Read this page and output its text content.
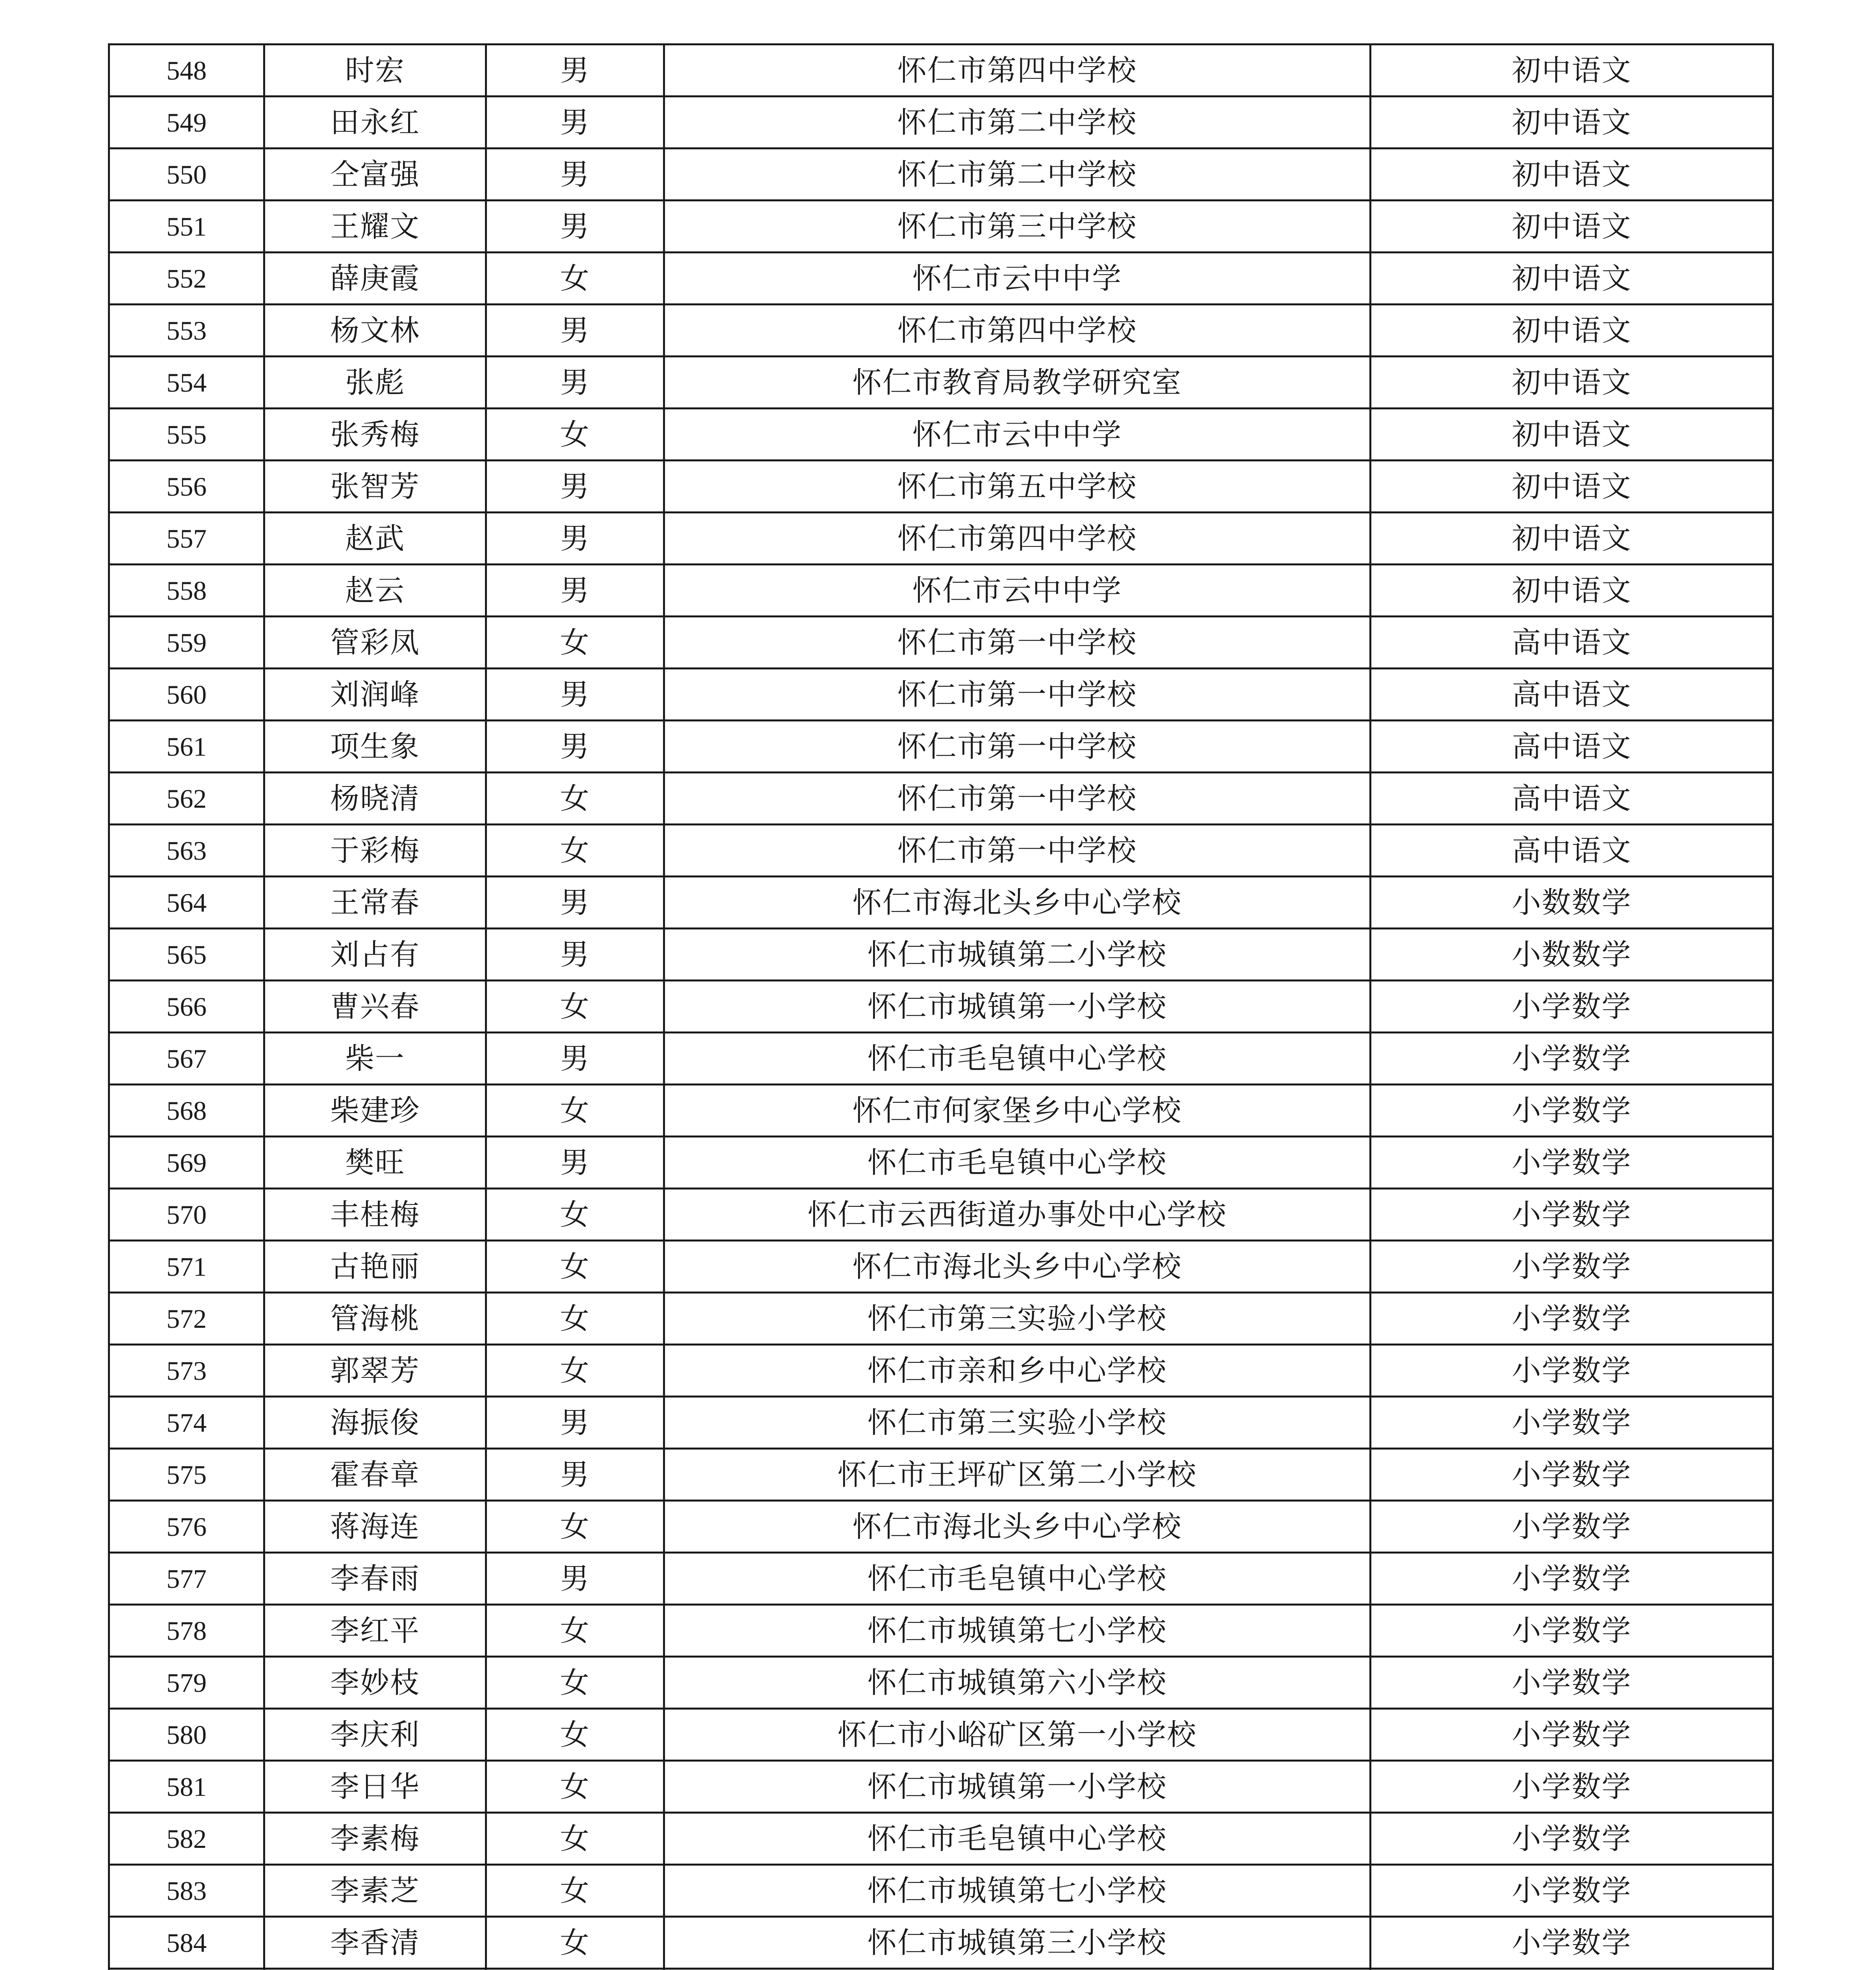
548	时宏	男	怀仁市第四中学校	初中语文
549	田永红	男	怀仁市第二中学校	初中语文
550	仝富强	男	怀仁市第二中学校	初中语文
551	王耀文	男	怀仁市第三中学校	初中语文
552	薛庚霞	女	怀仁市云中中学	初中语文
553	杨文林	男	怀仁市第四中学校	初中语文
554	张彪	男	怀仁市教育局教学研究室	初中语文
555	张秀梅	女	怀仁市云中中学	初中语文
556	张智芳	男	怀仁市第五中学校	初中语文
557	赵武	男	怀仁市第四中学校	初中语文
558	赵云	男	怀仁市云中中学	初中语文
559	管彩凤	女	怀仁市第一中学校	高中语文
560	刘润峰	男	怀仁市第一中学校	高中语文
561	项生象	男	怀仁市第一中学校	高中语文
562	杨晓清	女	怀仁市第一中学校	高中语文
563	于彩梅	女	怀仁市第一中学校	高中语文
564	王常春	男	怀仁市海北头乡中心学校	小数数学
565	刘占有	男	怀仁市城镇第二小学校	小数数学
566	曹兴春	女	怀仁市城镇第一小学校	小学数学
567	柴一	男	怀仁市毛皂镇中心学校	小学数学
568	柴建珍	女	怀仁市何家堡乡中心学校	小学数学
569	樊旺	男	怀仁市毛皂镇中心学校	小学数学
570	丰桂梅	女	怀仁市云西街道办事处中心学校	小学数学
571	古艳丽	女	怀仁市海北头乡中心学校	小学数学
572	管海桃	女	怀仁市第三实验小学校	小学数学
573	郭翠芳	女	怀仁市亲和乡中心学校	小学数学
574	海振俊	男	怀仁市第三实验小学校	小学数学
575	霍春章	男	怀仁市王坪矿区第二小学校	小学数学
576	蒋海连	女	怀仁市海北头乡中心学校	小学数学
577	李春雨	男	怀仁市毛皂镇中心学校	小学数学
578	李红平	女	怀仁市城镇第七小学校	小学数学
579	李妙枝	女	怀仁市城镇第六小学校	小学数学
580	李庆利	女	怀仁市小峪矿区第一小学校	小学数学
581	李日华	女	怀仁市城镇第一小学校	小学数学
582	李素梅	女	怀仁市毛皂镇中心学校	小学数学
583	李素芝	女	怀仁市城镇第七小学校	小学数学
584	李香清	女	怀仁市城镇第三小学校	小学数学
